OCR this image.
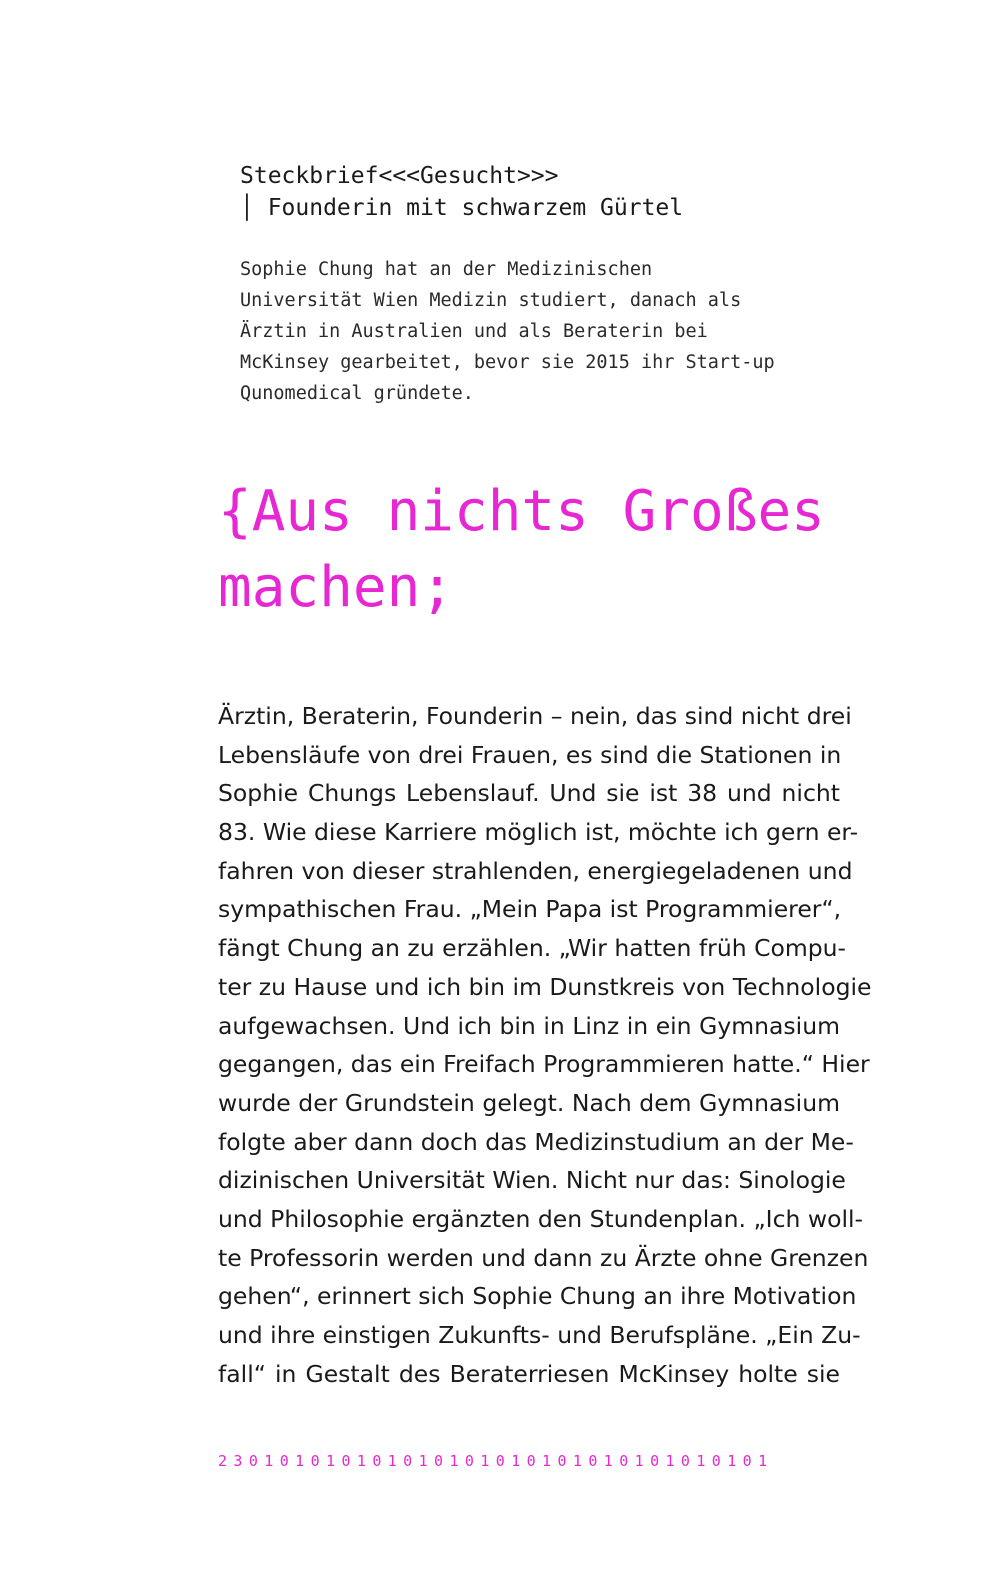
Steckbrief<<<Gesucht>>>
│ Founderin mit schwarzem Gürtel
Sophie Chung hat an der Medizinischen
Universität Wien Medizin studiert, danach als
Ärztin in Australien und als Beraterin bei
McKinsey gearbeitet, bevor sie 2015 ihr Start-up
Qunomedical gründete.
{Aus nichts Großes
machen;
Ärztin, Beraterin, Founderin – nein, das sind nicht drei
Lebensläufe von drei Frauen, es sind die Stationen in
Sophie Chungs Lebenslauf. Und sie ist 38 und nicht
83. Wie diese Karriere möglich ist, möchte ich gern er-
fahren von dieser strahlenden, energiegeladenen und
sympathischen Frau. „Mein Papa ist Programmierer“,
fängt Chung an zu erzählen. „Wir hatten früh Compu-
ter zu Hause und ich bin im Dunstkreis von Technologie
aufgewachsen. Und ich bin in Linz in ein Gymnasium
gegangen, das ein Freifach Programmieren hatte.“ Hier
wurde der Grundstein gelegt. Nach dem Gymnasium
folgte aber dann doch das Medizinstudium an der Me-
dizinischen Universität Wien. Nicht nur das: Sinologie
und Philosophie ergänzten den Stundenplan. „Ich woll-
te Professorin werden und dann zu Ärzte ohne Grenzen
gehen“, erinnert sich Sophie Chung an ihre Motivation
und ihre einstigen Zukunfts- und Berufspläne. „Ein Zu-
fall“ in Gestalt des Beraterriesen McKinsey holte sie
230101010101010101010101010101010101
